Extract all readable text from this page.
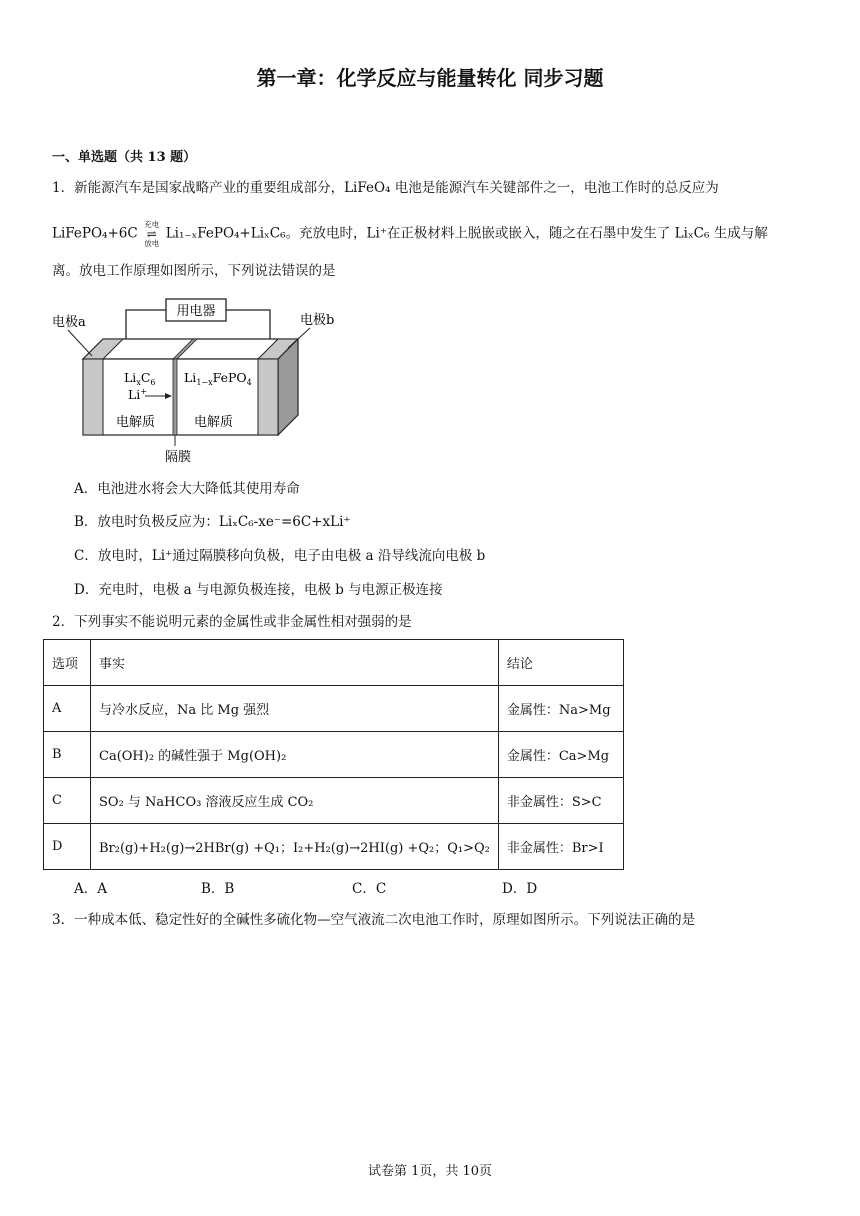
第一章：化学反应与能量转化 同步习题
一、单选题（共 13 题）
1．新能源汽车是国家战略产业的重要组成部分，LiFeO₄ 电池是能源汽车关键部件之一，电池工作时的总反应为
LiFePO₄+6C
充电
⇌
放电
Li₁₋ₓFePO₄+LiₓC₆。充放电时，Li⁺在正极材料上脱嵌或嵌入，随之在石墨中发生了 LiₓC₆ 生成与解
离。放电工作原理如图所示，下列说法错误的是
用电器
电极a	电极b
$Li_xC_6$
Li+
$Li_{1-x}FePO_4$
电解质	电解质
隔膜
A．电池进水将会大大降低其使用寿命
B．放电时负极反应为：LiₓC₆-xe⁻=6C+xLi⁺
C．放电时，Li⁺通过隔膜移向负极，电子由电极 a 沿导线流向电极 b
D．充电时，电极 a 与电源负极连接，电极 b 与电源正极连接
2．下列事实不能说明元素的金属性或非金属性相对强弱的是
选项	事实	结论
A	与冷水反应，Na 比 Mg 强烈	金属性：Na>Mg
B	Ca(OH)₂ 的碱性强于 Mg(OH)₂	金属性：Ca>Mg
C	SO₂ 与 NaHCO₃ 溶液反应生成 CO₂	非金属性：S>C
D	Br₂(g)+H₂(g)→2HBr(g) +Q₁；I₂+H₂(g)→2HI(g) +Q₂；Q₁>Q₂	非金属性：Br>I
A．A	B．B	C．C	D．D
3．一种成本低、稳定性好的全碱性多硫化物—空气液流二次电池工作时，原理如图所示。下列说法正确的是
试卷第 1页，共 10页
